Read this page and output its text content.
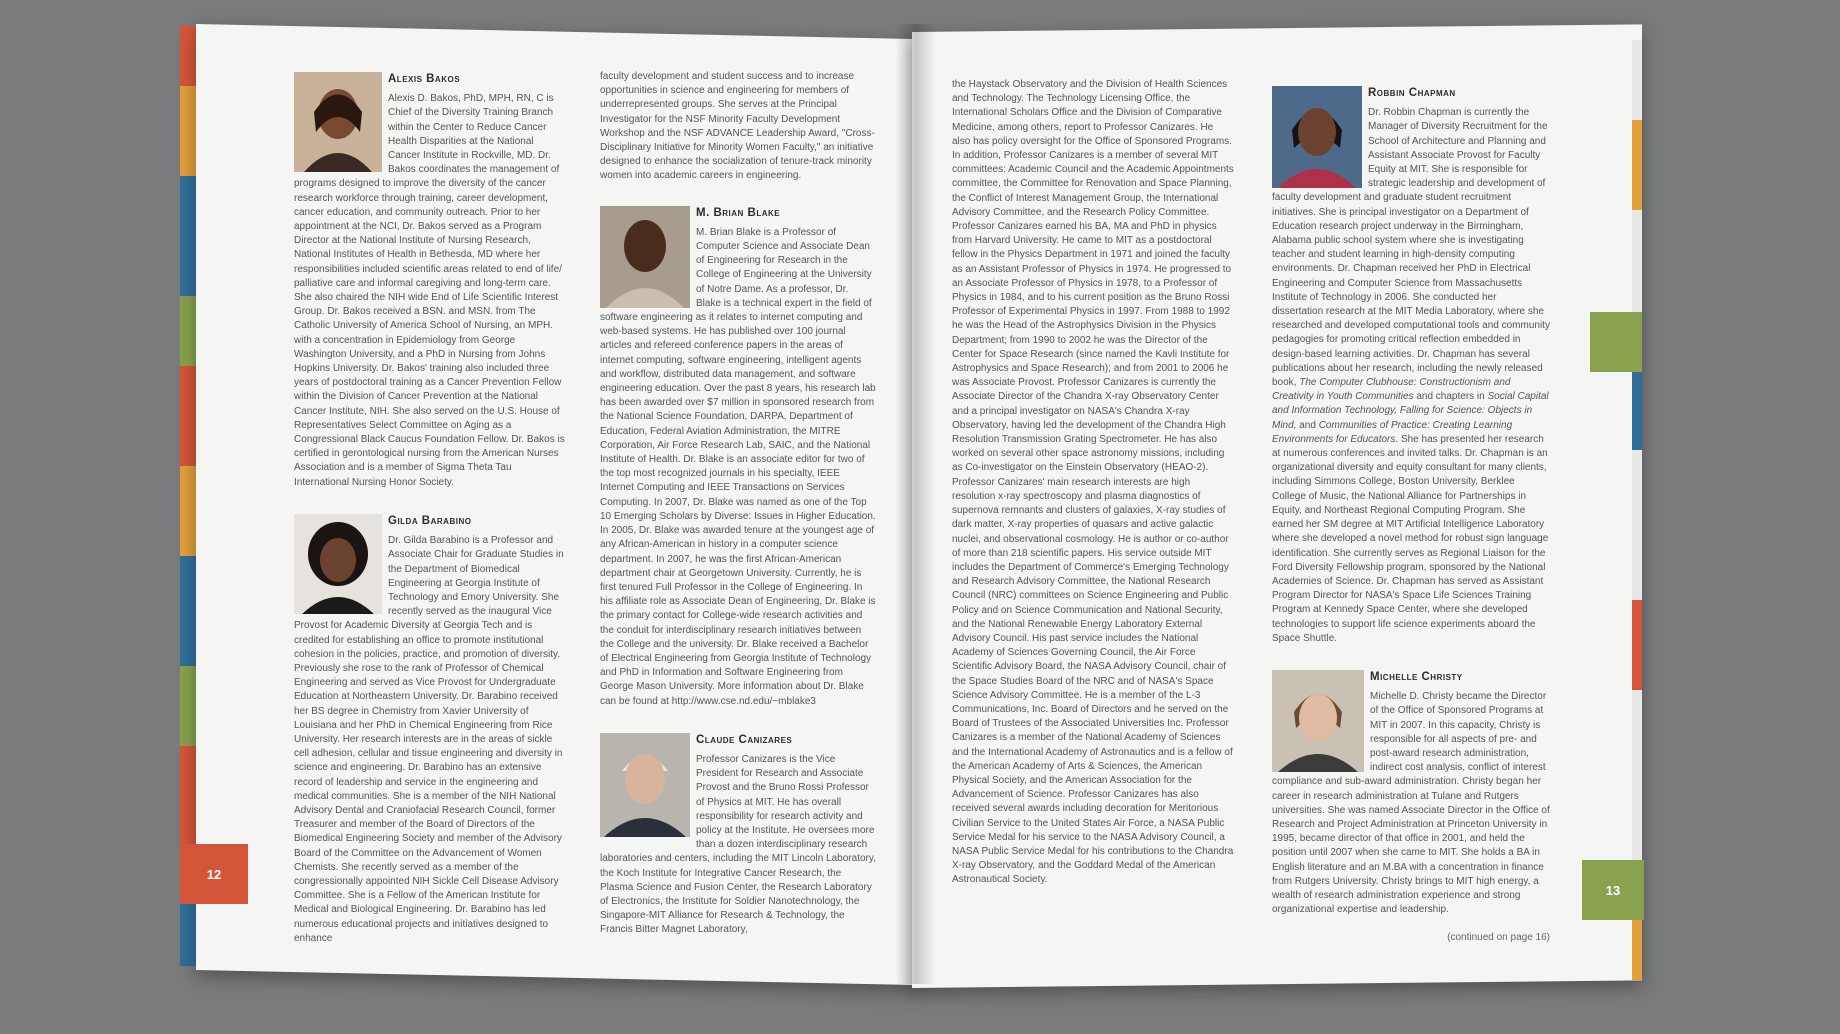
12
13
Alexis Bakos

Alexis D. Bakos, PhD, MPH, RN, C is Chief of the Diversity Training Branch within the Center to Reduce Cancer Health Disparities at the National Cancer Institute in Rockville, MD. Dr. Bakos coordinates the management of programs designed to improve the diversity of the cancer research workforce through training, career development, cancer education, and community outreach. Prior to her appointment at the NCI, Dr. Bakos served as a Program Director at the National Institute of Nursing Research, National Institutes of Health in Bethesda, MD where her responsibilities included scientific areas related to end of life/ palliative care and informal caregiving and long-term care. She also chaired the NIH wide End of Life Scientific Interest Group. Dr. Bakos received a BSN. and MSN. from The Catholic University of America School of Nursing, an MPH. with a concentration in Epidemiology from George Washington University, and a PhD in Nursing from Johns Hopkins University. Dr. Bakos' training also included three years of postdoctoral training as a Cancer Prevention Fellow within the Division of Cancer Prevention at the National Cancer Institute, NIH. She also served on the U.S. House of Representatives Select Committee on Aging as a Congressional Black Caucus Foundation Fellow. Dr. Bakos is certified in gerontological nursing from the American Nurses Association and is a member of Sigma Theta Tau International Nursing Honor Society.

Gilda Barabino

Dr. Gilda Barabino is a Professor and Associate Chair for Graduate Studies in the Department of Biomedical Engineering at Georgia Institute of Technology and Emory University. She recently served as the inaugural Vice Provost for Academic Diversity at Georgia Tech and is credited for establishing an office to promote institutional cohesion in the policies, practice, and promotion of diversity. Previously she rose to the rank of Professor of Chemical Engineering and served as Vice Provost for Undergraduate Education at Northeastern University. Dr. Barabino received her BS degree in Chemistry from Xavier University of Louisiana and her PhD in Chemical Engineering from Rice University. Her research interests are in the areas of sickle cell adhesion, cellular and tissue engineering and diversity in science and engineering. Dr. Barabino has an extensive record of leadership and service in the engineering and medical communities. She is a member of the NIH National Advisory Dental and Craniofacial Research Council, former Treasurer and member of the Board of Directors of the Biomedical Engineering Society and member of the Advisory Board of the Committee on the Advancement of Women Chemists. She recently served as a member of the congressionally appointed NIH Sickle Cell Disease Advisory Committee. She is a Fellow of the American Institute for Medical and Biological Engineering. Dr. Barabino has led numerous educational projects and initiatives designed to enhance

faculty development and student success and to increase opportunities in science and engineering for members of underrepresented groups. She serves at the Principal Investigator for the NSF Minority Faculty Development Workshop and the NSF ADVANCE Leadership Award, "Cross-Disciplinary Initiative for Minority Women Faculty," an initiative designed to enhance the socialization of tenure-track minority women into academic careers in engineering.

M. Brian Blake

M. Brian Blake is a Professor of Computer Science and Associate Dean of Engineering for Research in the College of Engineering at the University of Notre Dame. As a professor, Dr. Blake is a technical expert in the field of software engineering as it relates to internet computing and web-based systems. He has published over 100 journal articles and refereed conference papers in the areas of internet computing, software engineering, intelligent agents and workflow, distributed data management, and software engineering education. Over the past 8 years, his research lab has been awarded over $7 million in sponsored research from the National Science Foundation, DARPA, Department of Education, Federal Aviation Administration, the MITRE Corporation, Air Force Research Lab, SAIC, and the National Institute of Health. Dr. Blake is an associate editor for two of the top most recognized journals in his specialty, IEEE Internet Computing and IEEE Transactions on Services Computing. In 2007, Dr. Blake was named as one of the Top 10 Emerging Scholars by Diverse: Issues in Higher Education. In 2005, Dr. Blake was awarded tenure at the youngest age of any African-American in history in a computer science department. In 2007, he was the first African-American department chair at Georgetown University. Currently, he is first tenured Full Professor in the College of Engineering. In his affiliate role as Associate Dean of Engineering, Dr. Blake is the primary contact for College-wide research activities and the conduit for interdisciplinary research initiatives between the College and the university. Dr. Blake received a Bachelor of Electrical Engineering from Georgia Institute of Technology and PhD in Information and Software Engineering from George Mason University. More information about Dr. Blake can be found at http://www.cse.nd.edu/~mblake3

Claude Canizares

Professor Canizares is the Vice President for Research and Associate Provost and the Bruno Rossi Professor of Physics at MIT. He has overall responsibility for research activity and policy at the Institute. He oversees more than a dozen interdisciplinary research laboratories and centers, including the MIT Lincoln Laboratory, the Koch Institute for Integrative Cancer Research, the Plasma Science and Fusion Center, the Research Laboratory of Electronics, the Institute for Soldier Nanotechnology, the Singapore-MIT Alliance for Research & Technology, the Francis Bitter Magnet Laboratory,

the Haystack Observatory and the Division of Health Sciences and Technology. The Technology Licensing Office, the International Scholars Office and the Division of Comparative Medicine, among others, report to Professor Canizares. He also has policy oversight for the Office of Sponsored Programs. In addition, Professor Canizares is a member of several MIT committees: Academic Council and the Academic Appointments committee, the Committee for Renovation and Space Planning, the Conflict of Interest Management Group, the International Advisory Committee, and the Research Policy Committee. Professor Canizares earned his BA, MA and PhD in physics from Harvard University. He came to MIT as a postdoctoral fellow in the Physics Department in 1971 and joined the faculty as an Assistant Professor of Physics in 1974. He progressed to an Associate Professor of Physics in 1978, to a Professor of Physics in 1984, and to his current position as the Bruno Rossi Professor of Experimental Physics in 1997. From 1988 to 1992 he was the Head of the Astrophysics Division in the Physics Department; from 1990 to 2002 he was the Director of the Center for Space Research (since named the Kavli Institute for Astrophysics and Space Research); and from 2001 to 2006 he was Associate Provost. Professor Canizares is currently the Associate Director of the Chandra X-ray Observatory Center and a principal investigator on NASA's Chandra X-ray Observatory, having led the development of the Chandra High Resolution Transmission Grating Spectrometer. He has also worked on several other space astronomy missions, including as Co-investigator on the Einstein Observatory (HEAO-2). Professor Canizares' main research interests are high resolution x-ray spectroscopy and plasma diagnostics of supernova remnants and clusters of galaxies, X-ray studies of dark matter, X-ray properties of quasars and active galactic nuclei, and observational cosmology. He is author or co-author of more than 218 scientific papers. His service outside MIT includes the Department of Commerce's Emerging Technology and Research Advisory Committee, the National Research Council (NRC) committees on Science Engineering and Public Policy and on Science Communication and National Security, and the National Renewable Energy Laboratory External Advisory Council. His past service includes the National Academy of Sciences Governing Council, the Air Force Scientific Advisory Board, the NASA Advisory Council, chair of the Space Studies Board of the NRC and of NASA's Space Science Advisory Committee. He is a member of the L-3 Communications, Inc. Board of Directors and he served on the Board of Trustees of the Associated Universities Inc. Professor Canizares is a member of the National Academy of Sciences and the International Academy of Astronautics and is a fellow of the American Academy of Arts & Sciences, the American Physical Society, and the American Association for the Advancement of Science. Professor Canizares has also received several awards including decoration for Meritorious Civilian Service to the United States Air Force, a NASA Public Service Medal for his service to the NASA Advisory Council, a NASA Public Service Medal for his contributions to the Chandra X-ray Observatory, and the Goddard Medal of the American Astronautical Society.

Robbin Chapman

Dr. Robbin Chapman is currently the Manager of Diversity Recruitment for the School of Architecture and Planning and Assistant Associate Provost for Faculty Equity at MIT. She is responsible for strategic leadership and development of faculty development and graduate student recruitment initiatives. She is principal investigator on a Department of Education research project underway in the Birmingham, Alabama public school system where she is investigating teacher and student learning in high-density computing environments. Dr. Chapman received her PhD in Electrical Engineering and Computer Science from Massachusetts Institute of Technology in 2006. She conducted her dissertation research at the MIT Media Laboratory, where she researched and developed computational tools and community pedagogies for promoting critical reflection embedded in design-based learning activities. Dr. Chapman has several publications about her research, including the newly released book, The Computer Clubhouse: Constructionism and Creativity in Youth Communities and chapters in Social Capital and Information Technology, Falling for Science: Objects in Mind, and Communities of Practice: Creating Learning Environments for Educators. She has presented her research at numerous conferences and invited talks. Dr. Chapman is an organizational diversity and equity consultant for many clients, including Simmons College, Boston University, Berklee College of Music, the National Alliance for Partnerships in Equity, and Northeast Regional Computing Program. She earned her SM degree at MIT Artificial Intelligence Laboratory where she developed a novel method for robust sign language identification. She currently serves as Regional Liaison for the Ford Diversity Fellowship program, sponsored by the National Academies of Science. Dr. Chapman has served as Assistant Program Director for NASA's Space Life Sciences Training Program at Kennedy Space Center, where she developed technologies to support life science experiments aboard the Space Shuttle.

Michelle Christy

Michelle D. Christy became the Director of the Office of Sponsored Programs at MIT in 2007. In this capacity, Christy is responsible for all aspects of pre- and post-award research administration, indirect cost analysis, conflict of interest compliance and sub-award administration. Christy began her career in research administration at Tulane and Rutgers universities. She was named Associate Director in the Office of Research and Project Administration at Princeton University in 1995, became director of that office in 2001, and held the position until 2007 when she came to MIT. She holds a BA in English literature and an M.BA with a concentration in finance from Rutgers University. Christy brings to MIT high energy, a wealth of research administration experience and strong organizational expertise and leadership.

(continued on page 16)
